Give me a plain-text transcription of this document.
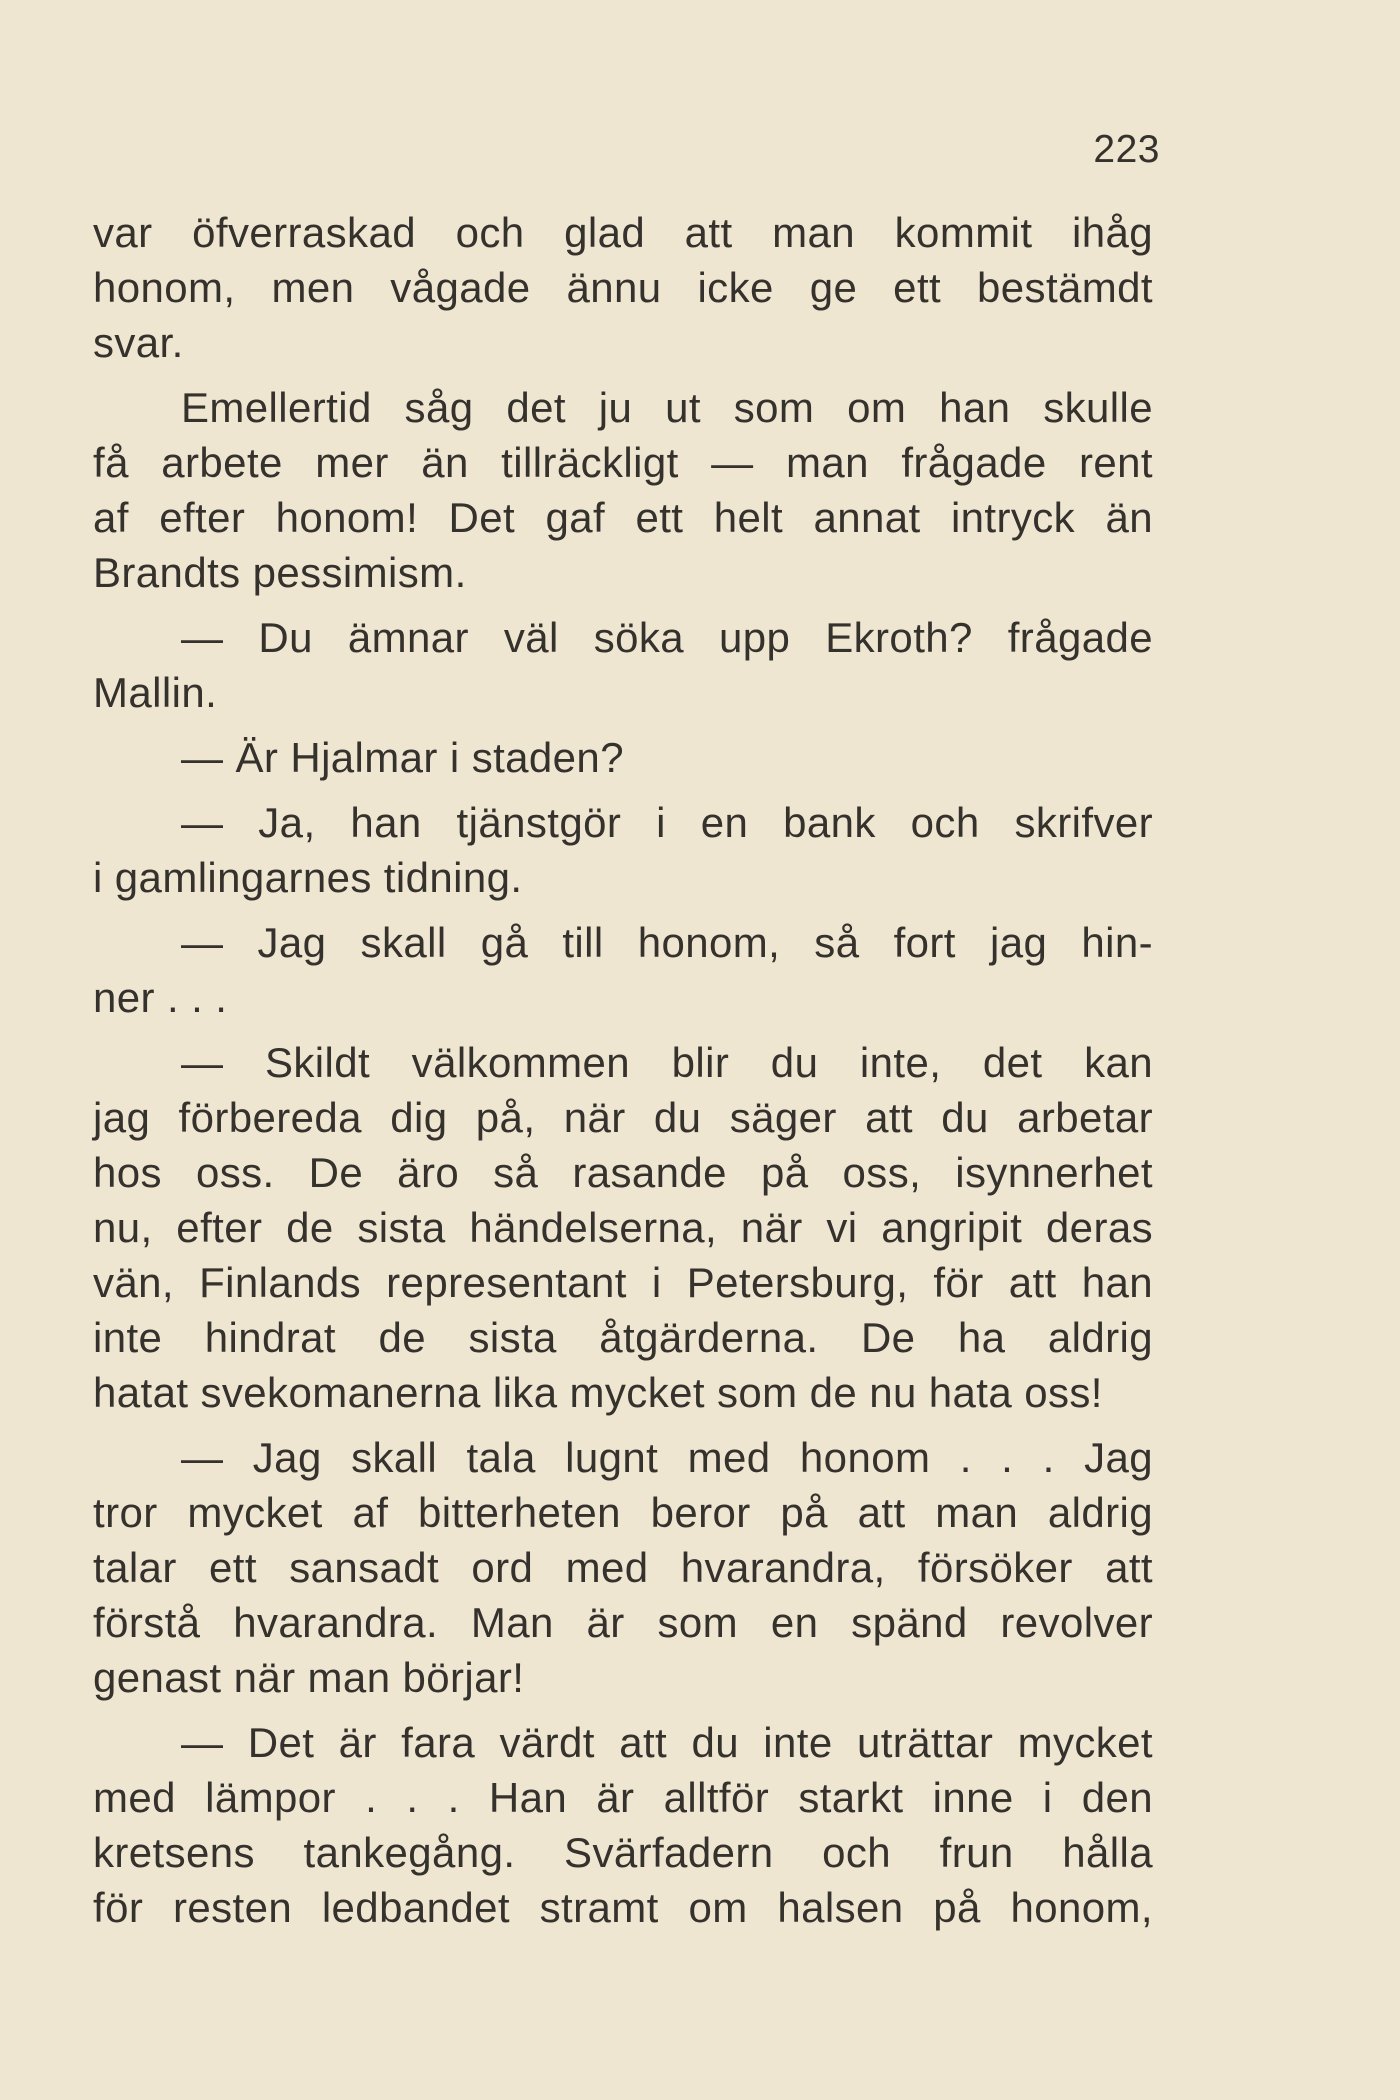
223
var öfverraskad och glad att man kommit ihåg
honom, men vågade ännu icke ge ett bestämdt
svar.
Emellertid såg det ju ut som om han skulle
få arbete mer än tillräckligt — man frågade rent
af efter honom! Det gaf ett helt annat intryck än
Brandts pessimism.
— Du ämnar väl söka upp Ekroth? frågade
Mallin.
— Är Hjalmar i staden?
— Ja, han tjänstgör i en bank och skrifver
i gamlingarnes tidning.
— Jag skall gå till honom, så fort jag hin-
ner . . .
— Skildt välkommen blir du inte, det kan
jag förbereda dig på, när du säger att du arbetar
hos oss. De äro så rasande på oss, isynnerhet
nu, efter de sista händelserna, när vi angripit deras
vän, Finlands representant i Petersburg, för att han
inte hindrat de sista åtgärderna. De ha aldrig
hatat svekomanerna lika mycket som de nu hata oss!
— Jag skall tala lugnt med honom . . . Jag
tror mycket af bitterheten beror på att man aldrig
talar ett sansadt ord med hvarandra, försöker att
förstå hvarandra. Man är som en spänd revolver
genast när man börjar!
— Det är fara värdt att du inte uträttar mycket
med lämpor . . . Han är alltför starkt inne i den
kretsens tankegång. Svärfadern och frun hålla
för resten ledbandet stramt om halsen på honom,
